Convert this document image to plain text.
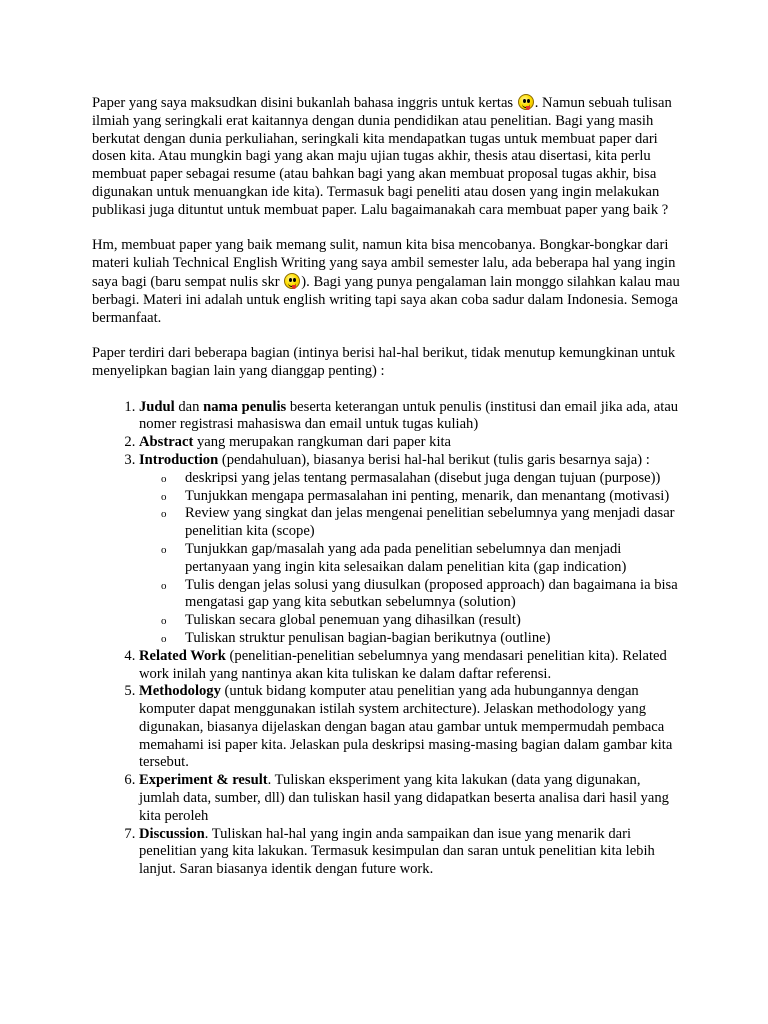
Paper yang saya maksudkan disini bukanlah bahasa inggris untuk kertas
. Namun sebuah tulisan ilmiah yang seringkali erat kaitannya dengan dunia pendidikan atau penelitian. Bagi yang masih berkutat dengan dunia perkuliahan, seringkali kita mendapatkan tugas untuk membuat paper dari dosen kita. Atau mungkin bagi yang akan maju ujian tugas akhir, thesis atau disertasi, kita perlu membuat paper sebagai resume (atau bahkan bagi yang akan membuat proposal tugas akhir, bisa digunakan untuk menuangkan ide kita). Termasuk bagi peneliti atau dosen yang ingin melakukan publikasi juga dituntut untuk membuat paper. Lalu bagaimanakah cara membuat paper yang baik ?

Hm, membuat paper yang baik memang sulit, namun kita bisa mencobanya. Bongkar-bongkar dari materi kuliah Technical English Writing yang saya ambil semester lalu, ada beberapa hal yang ingin saya bagi (baru sempat nulis skr
). Bagi yang punya pengalaman lain monggo silahkan kalau mau berbagi. Materi ini adalah untuk english writing tapi saya akan coba sadur dalam Indonesia. Semoga bermanfaat.

Paper terdiri dari beberapa bagian (intinya berisi hal-hal berikut, tidak menutup kemungkinan untuk menyelipkan bagian lain yang dianggap penting) :

1. Judul dan nama penulis beserta keterangan untuk penulis (institusi dan email jika ada, atau nomer registrasi mahasiswa dan email untuk tugas kuliah)
2. Abstract yang merupakan rangkuman dari paper kita
3. Introduction (pendahuluan), biasanya berisi hal-hal berikut (tulis garis besarnya saja) :
o deskripsi yang jelas tentang permasalahan (disebut juga dengan tujuan (purpose))
o Tunjukkan mengapa permasalahan ini penting, menarik, dan menantang (motivasi)
o Review yang singkat dan jelas mengenai penelitian sebelumnya yang menjadi dasar penelitian kita (scope)
o Tunjukkan gap/masalah yang ada pada penelitian sebelumnya dan menjadi pertanyaan yang ingin kita selesaikan dalam penelitian kita (gap indication)
o Tulis dengan jelas solusi yang diusulkan (proposed approach) dan bagaimana ia bisa mengatasi gap yang kita sebutkan sebelumnya (solution)
o Tuliskan secara global penemuan yang dihasilkan (result)
o Tuliskan struktur penulisan bagian-bagian berikutnya (outline)
4. Related Work (penelitian-penelitian sebelumnya yang mendasari penelitian kita). Related work inilah yang nantinya akan kita tuliskan ke dalam daftar referensi.
5. Methodology (untuk bidang komputer atau penelitian yang ada hubungannya dengan komputer dapat menggunakan istilah system architecture). Jelaskan methodology yang digunakan, biasanya dijelaskan dengan bagan atau gambar untuk mempermudah pembaca memahami isi paper kita. Jelaskan pula deskripsi masing-masing bagian dalam gambar kita tersebut.
6. Experiment & result. Tuliskan eksperiment yang kita lakukan (data yang digunakan, jumlah data, sumber, dll) dan tuliskan hasil yang didapatkan beserta analisa dari hasil yang kita peroleh
7. Discussion. Tuliskan hal-hal yang ingin anda sampaikan dan isue yang menarik dari penelitian yang kita lakukan. Termasuk kesimpulan dan saran untuk penelitian kita lebih lanjut. Saran biasanya identik dengan future work.
